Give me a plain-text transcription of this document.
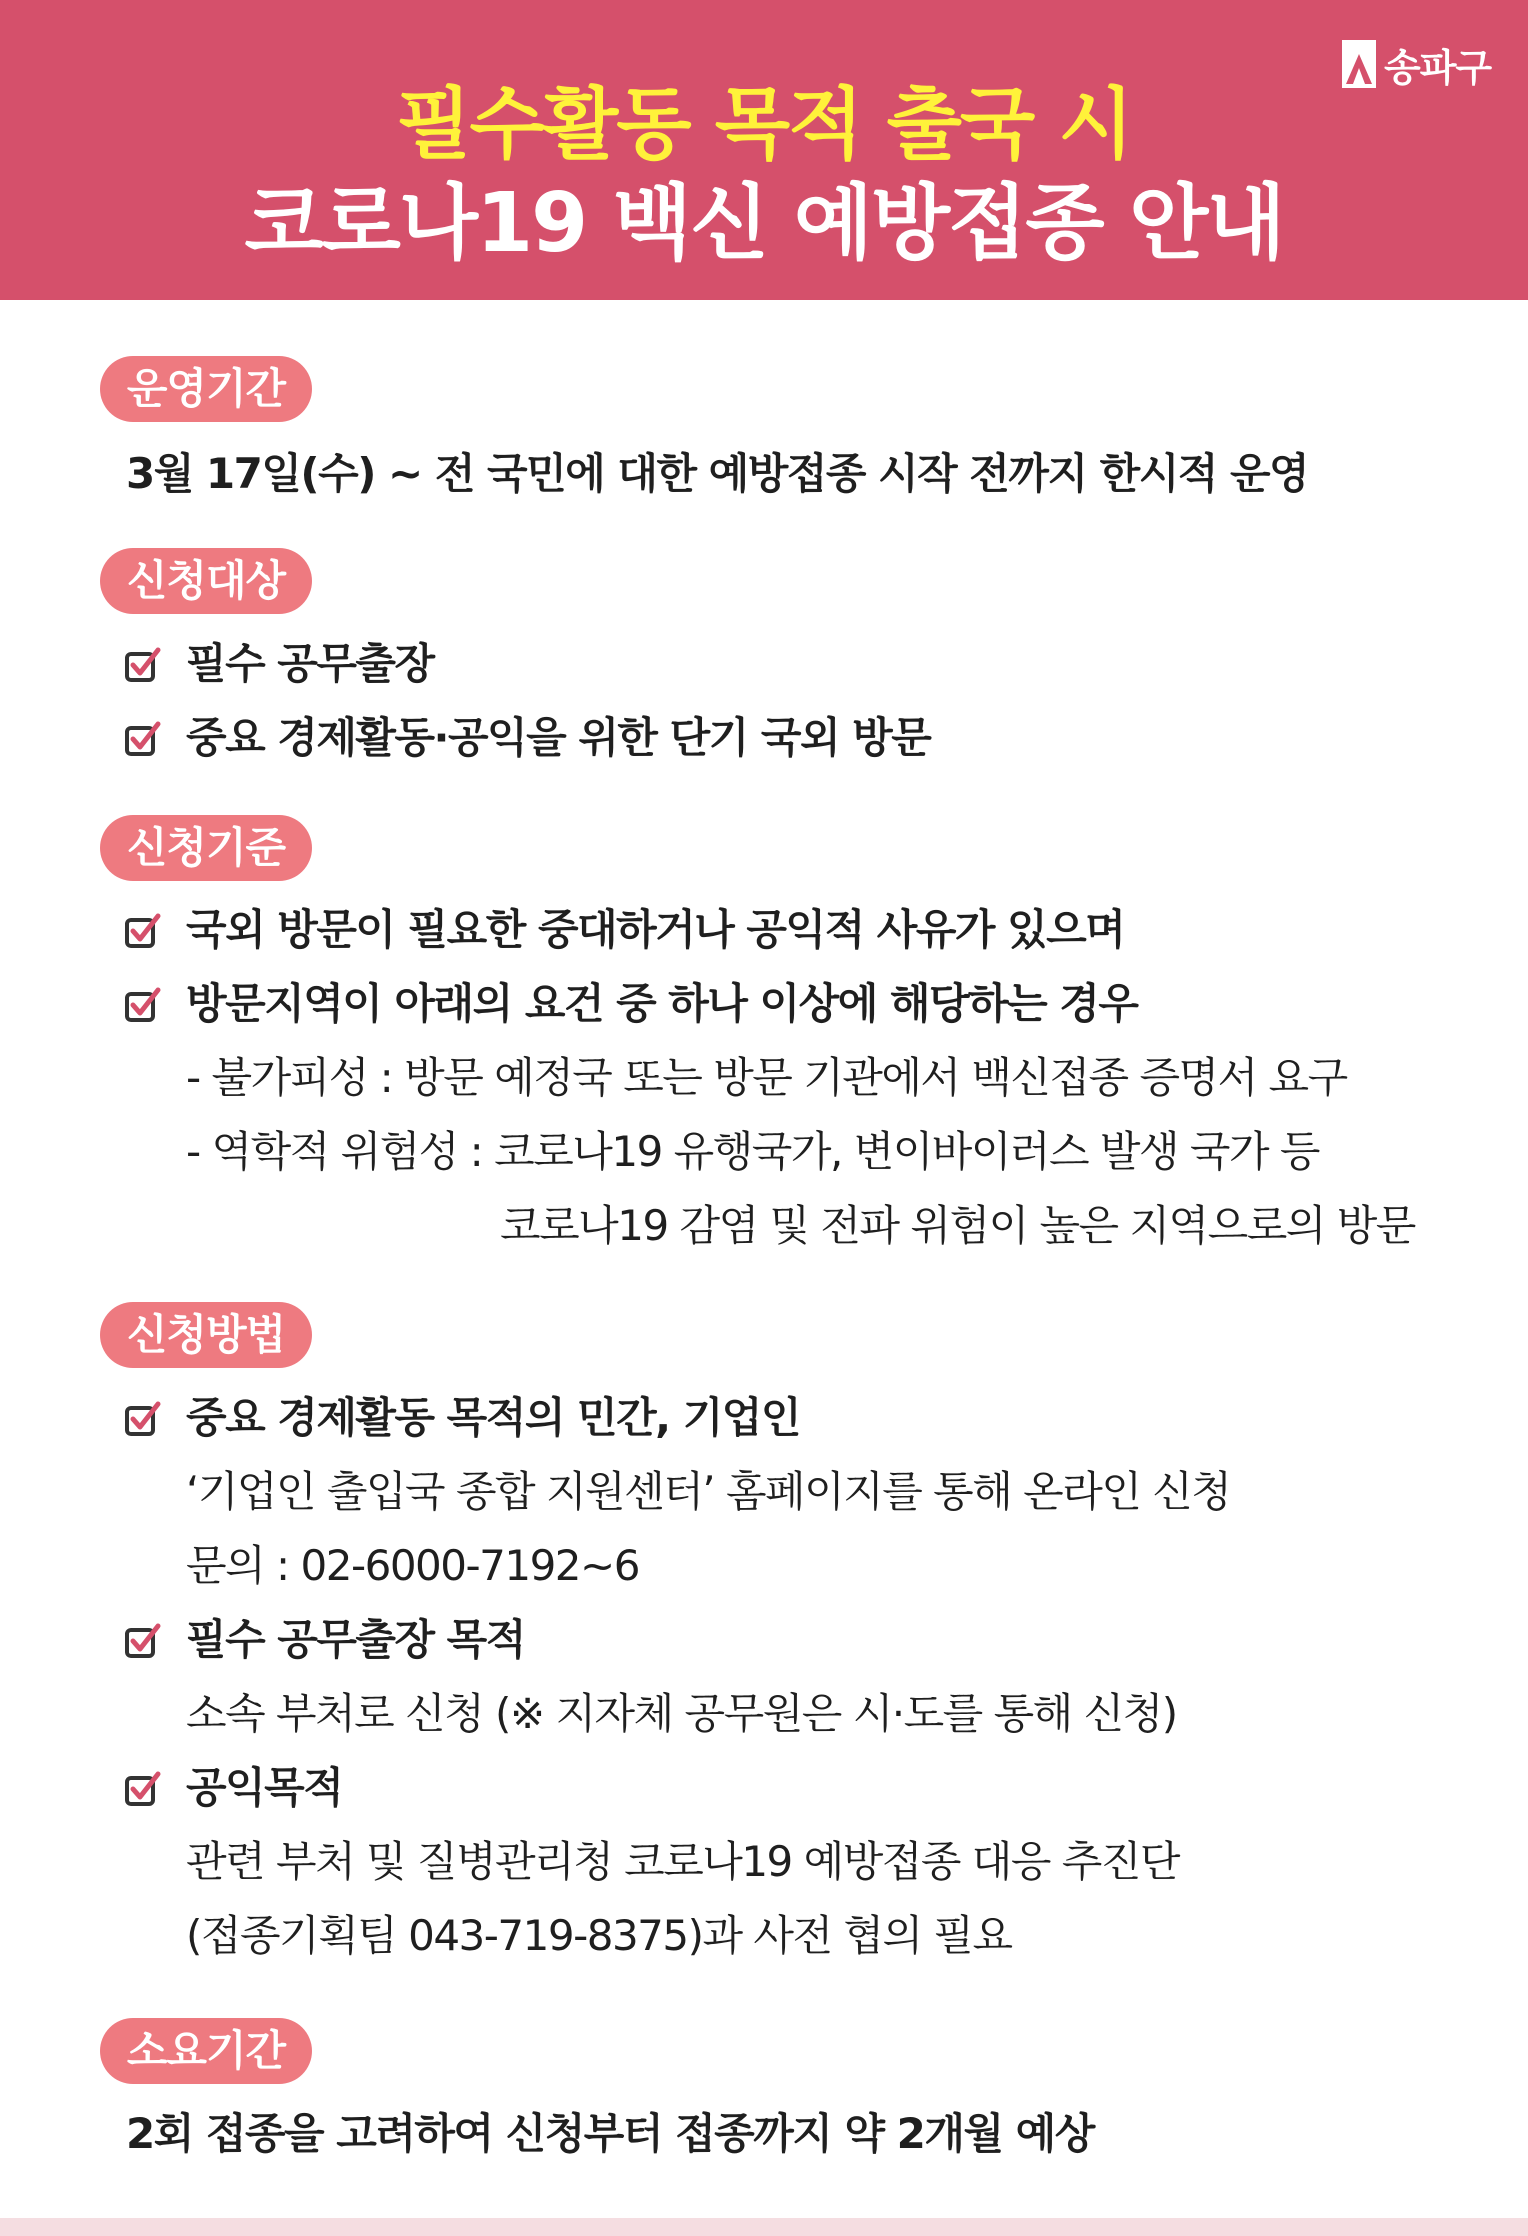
필수활동 목적 출국 시
코로나19 백신 예방접종 안내
송파구
운영기간
3월 17일(수) ~ 전 국민에 대한 예방접종 시작 전까지 한시적 운영
신청대상
필수 공무출장
중요 경제활동·공익을 위한 단기 국외 방문
신청기준
국외 방문이 필요한 중대하거나 공익적 사유가 있으며
방문지역이 아래의 요건 중 하나 이상에 해당하는 경우
- 불가피성 : 방문 예정국 또는 방문 기관에서 백신접종 증명서 요구
- 역학적 위험성 : 코로나19 유행국가, 변이바이러스 발생 국가 등
코로나19 감염 및 전파 위험이 높은 지역으로의 방문
신청방법
중요 경제활동 목적의 민간, 기업인
‘기업인 출입국 종합 지원센터’ 홈페이지를 통해 온라인 신청
문의 : 02-6000-7192~6
필수 공무출장 목적
소속 부처로 신청 (※ 지자체 공무원은 시·도를 통해 신청)
공익목적
관련 부처 및 질병관리청 코로나19 예방접종 대응 추진단
(접종기획팀 043-719-8375)과 사전 협의 필요
소요기간
2회 접종을 고려하여 신청부터 접종까지 약 2개월 예상
